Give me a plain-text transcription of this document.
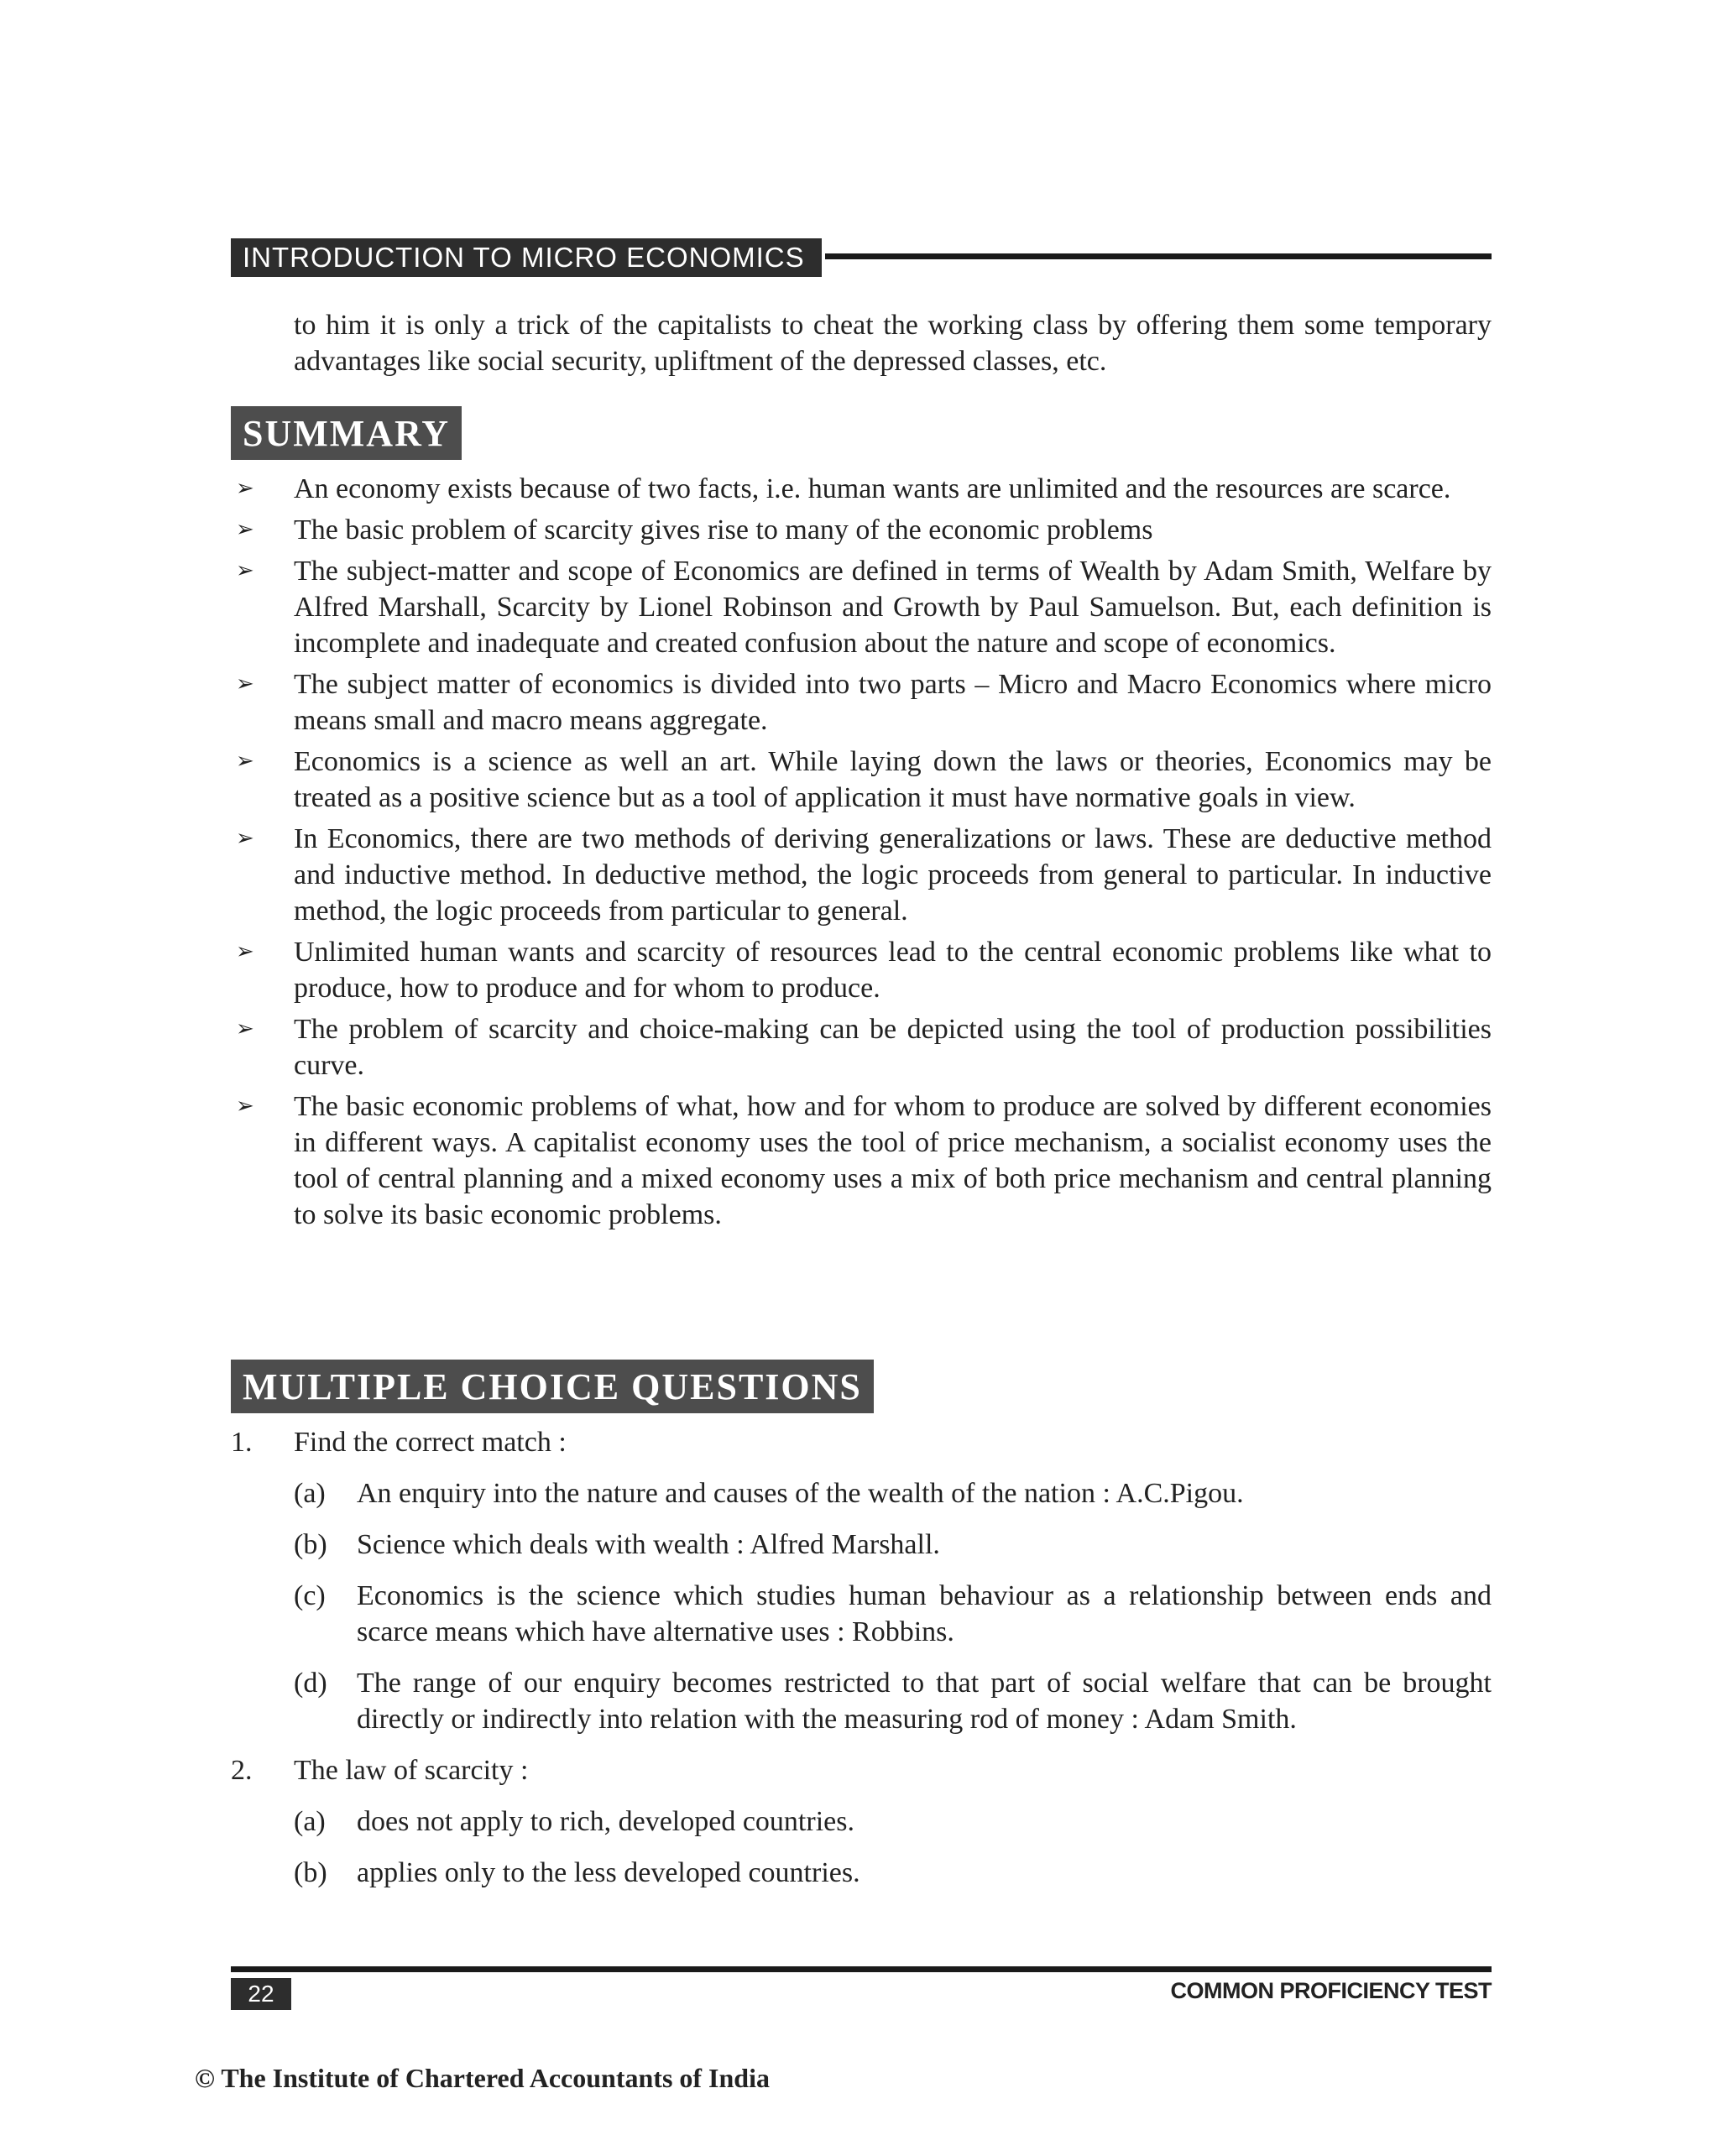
INTRODUCTION TO MICRO ECONOMICS

to him it is only a trick of the capitalists to cheat the working class by offering them some temporary advantages like social security, upliftment of the depressed classes, etc.

SUMMARY
➢ An economy exists because of two facts, i.e. human wants are unlimited and the resources are scarce.
➢ The basic problem of scarcity gives rise to many of the economic problems
➢ The subject-matter and scope of Economics are defined in terms of Wealth by Adam Smith, Welfare by Alfred Marshall, Scarcity by Lionel Robinson and Growth by Paul Samuelson. But, each definition is incomplete and inadequate and created confusion about the nature and scope of economics.
➢ The subject matter of economics is divided into two parts – Micro and Macro Economics where micro means small and macro means aggregate.
➢ Economics is a science as well an art. While laying down the laws or theories, Economics may be treated as a positive science but as a tool of application it must have normative goals in view.
➢ In Economics, there are two methods of deriving generalizations or laws. These are deductive method and inductive method. In deductive method, the logic proceeds from general to particular. In inductive method, the logic proceeds from particular to general.
➢ Unlimited human wants and scarcity of resources lead to the central economic problems like what to produce, how to produce and for whom to produce.
➢ The problem of scarcity and choice-making can be depicted using the tool of production possibilities curve.
➢ The basic economic problems of what, how and for whom to produce are solved by different economies in different ways. A capitalist economy uses the tool of price mechanism, a socialist economy uses the tool of central planning and a mixed economy uses a mix of both price mechanism and central planning to solve its basic economic problems.
MULTIPLE CHOICE QUESTIONS
1. Find the correct match :
(a) An enquiry into the nature and causes of the wealth of the nation : A.C.Pigou.
(b) Science which deals with wealth : Alfred Marshall.
(c) Economics is the science which studies human behaviour as a relationship between ends and scarce means which have alternative uses : Robbins.
(d) The range of our enquiry becomes restricted to that part of social welfare that can be brought directly or indirectly into relation with the measuring rod of money : Adam Smith.
2. The law of scarcity :
(a) does not apply to rich, developed countries.
(b) applies only to the less developed countries.
22	COMMON PROFICIENCY TEST
© The Institute of Chartered Accountants of India
